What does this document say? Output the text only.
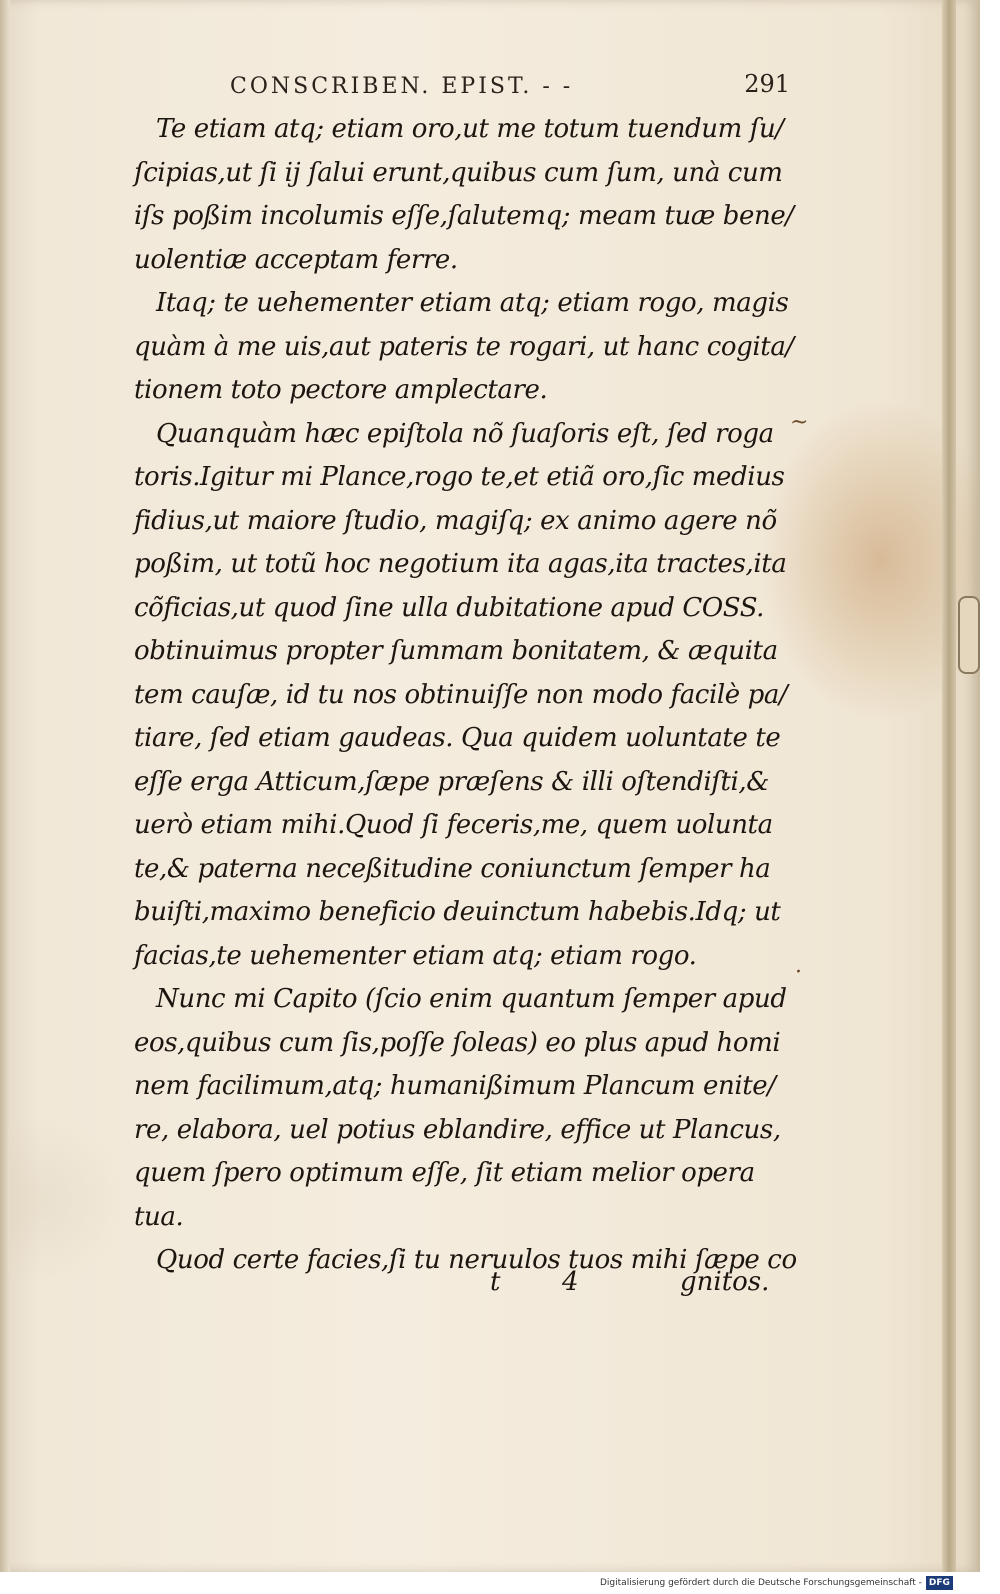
CONSCRIBEN. EPIST. - -	291
Te etiam atq; etiam oro,ut me totum tuendum ſu/
ſcipias,ut ſi ij ſalui erunt,quibus cum ſum, unà cum
iſs poßim incolumis eſſe,ſalutemq; meam tuæ bene/
uolentiæ acceptam ferre.
Itaq; te uehementer etiam atq; etiam rogo, magis
quàm à me uis,aut pateris te rogari, ut hanc cogita/
tionem toto pectore amplectare.
Quanquàm hæc epiſtola nõ ſuaſoris eſt, ſed roga
toris.Igitur mi Plance,rogo te,et etiã oro,ſic medius
fidius,ut maiore ſtudio, magiſq; ex animo agere nõ
poßim, ut totũ hoc negotium ita agas,ita tractes,ita
cõficias,ut quod ſine ulla dubitatione apud COSS.
obtinuimus propter ſummam bonitatem, & æquita
tem cauſæ, id tu nos obtinuiſſe non modo facilè pa/
tiare, ſed etiam gaudeas. Qua quidem uoluntate te
eſſe erga Atticum,ſæpe præſens & illi oſtendiſti,&
uerò etiam mihi.Quod ſi feceris,me, quem uolunta
te,& paterna neceßitudine coniunctum ſemper ha
buiſti,maximo beneficio deuinctum habebis.Idq; ut
facias,te uehementer etiam atq; etiam rogo.
Nunc mi Capito (ſcio enim quantum ſemper apud
eos,quibus cum ſis,poſſe ſoleas) eo plus apud homi
nem facilimum,atq; humanißimum Plancum enite/
re, elabora, uel potius eblandire, effice ut Plancus,
quem ſpero optimum eſſe, ſit etiam melior opera
tua.
Quod certe facies,ſi tu neruulos tuos mihi ſæpe co
~
·
t 4	gnitos.
Digitalisierung gefördert durch die Deutsche Forschungsgemeinschaft - DFG
